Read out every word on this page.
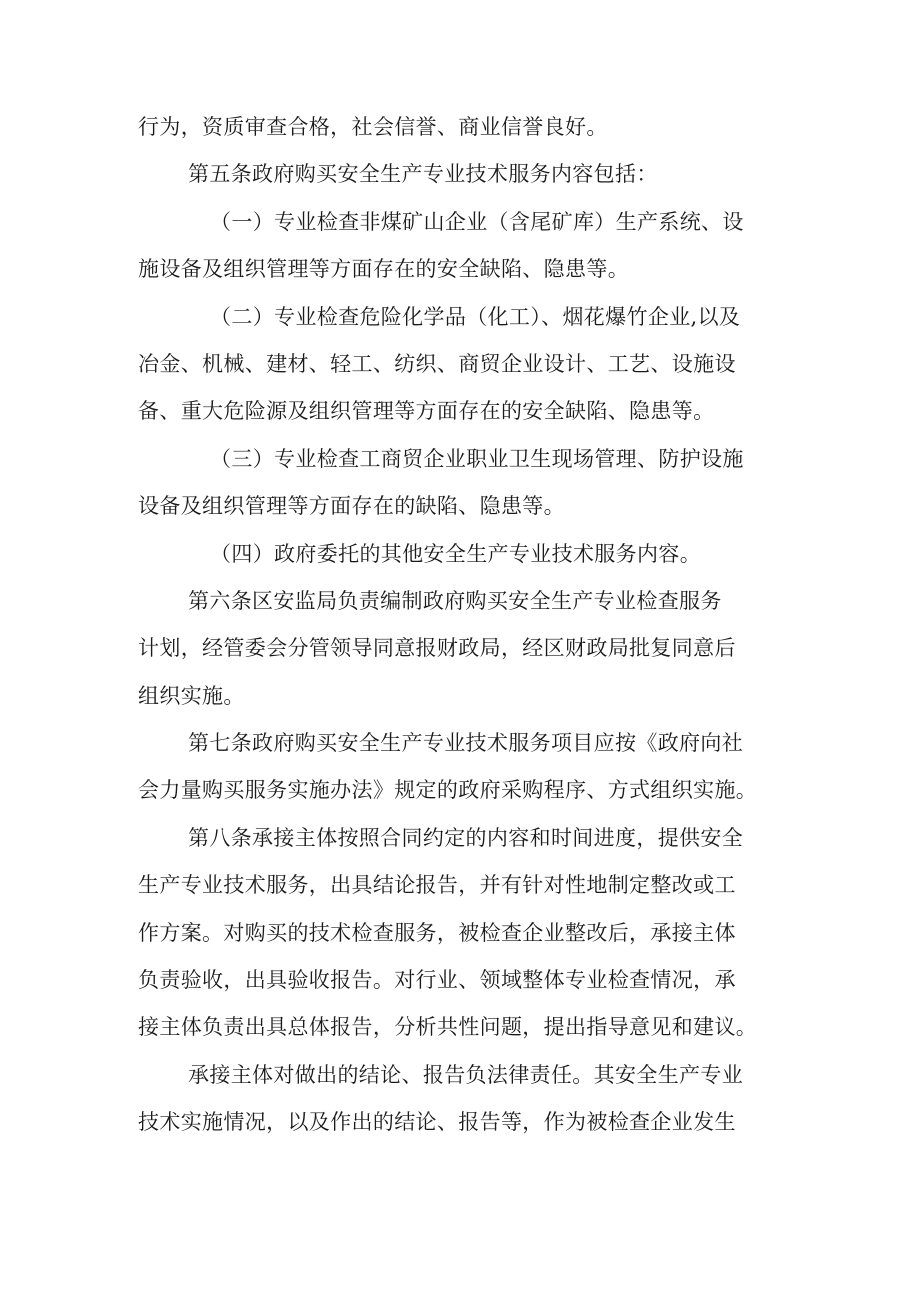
行为，资质审查合格，社会信誉、商业信誉良好。
第五条政府购买安全生产专业技术服务内容包括：
（一）专业检查非煤矿山企业（含尾矿库）生产系统、设
施设备及组织管理等方面存在的安全缺陷、隐患等。
（二）专业检查危险化学品（化工）、烟花爆竹企业,以及
冶金、机械、建材、轻工、纺织、商贸企业设计、工艺、设施设
备、重大危险源及组织管理等方面存在的安全缺陷、隐患等。
（三）专业检查工商贸企业职业卫生现场管理、防护设施
设备及组织管理等方面存在的缺陷、隐患等。
（四）政府委托的其他安全生产专业技术服务内容。
第六条区安监局负责编制政府购买安全生产专业检查服务
计划，经管委会分管领导同意报财政局，经区财政局批复同意后
组织实施。
第七条政府购买安全生产专业技术服务项目应按《政府向社
会力量购买服务实施办法》规定的政府采购程序、方式组织实施。
第八条承接主体按照合同约定的内容和时间进度，提供安全
生产专业技术服务，出具结论报告，并有针对性地制定整改或工
作方案。对购买的技术检查服务，被检查企业整改后，承接主体
负责验收，出具验收报告。对行业、领域整体专业检查情况，承
接主体负责出具总体报告，分析共性问题，提出指导意见和建议。
承接主体对做出的结论、报告负法律责任。其安全生产专业
技术实施情况，以及作出的结论、报告等，作为被检查企业发生
